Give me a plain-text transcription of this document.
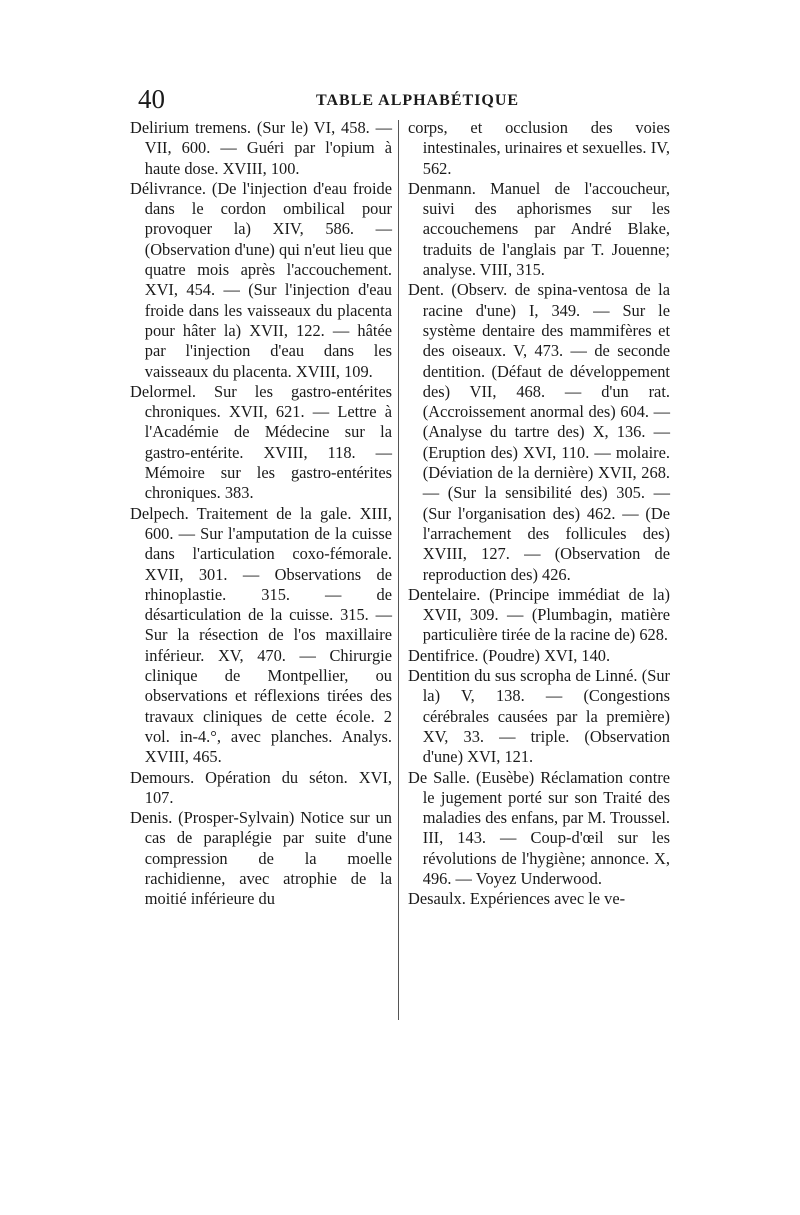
40	TABLE ALPHABÉTIQUE

Delirium tremens. (Sur le) VI, 458. — VII, 600. — Guéri par l'opium à haute dose. XVIII, 100.

Délivrance. (De l'injection d'eau froide dans le cordon ombilical pour provoquer la) XIV, 586. — (Observation d'une) qui n'eut lieu que quatre mois après l'accouchement. XVI, 454. — (Sur l'injection d'eau froide dans les vaisseaux du placenta pour hâter la) XVII, 122. — hâtée par l'injection d'eau dans les vaisseaux du placenta. XVIII, 109.

Delormel. Sur les gastro-entérites chroniques. XVII, 621. — Lettre à l'Académie de Médecine sur la gastro-entérite. XVIII, 118. — Mémoire sur les gastro-entérites chroniques. 383.

Delpech. Traitement de la gale. XIII, 600. — Sur l'amputation de la cuisse dans l'articulation coxo-fémorale. XVII, 301. — Observations de rhinoplastie. 315. — de désarticulation de la cuisse. 315. — Sur la résection de l'os maxillaire inférieur. XV, 470. — Chirurgie clinique de Montpellier, ou observations et réflexions tirées des travaux cliniques de cette école. 2 vol. in-4.°, avec planches. Analys. XVIII, 465.

Demours. Opération du séton. XVI, 107.

Denis. (Prosper-Sylvain) Notice sur un cas de paraplégie par suite d'une compression de la moelle rachidienne, avec atrophie de la moitié inférieure du

corps, et occlusion des voies intestinales, urinaires et sexuelles. IV, 562.

Denmann. Manuel de l'accoucheur, suivi des aphorismes sur les accouchemens par André Blake, traduits de l'anglais par T. Jouenne; analyse. VIII, 315.

Dent. (Observ. de spina-ventosa de la racine d'une) I, 349. — Sur le système dentaire des mammifères et des oiseaux. V, 473. — de seconde dentition. (Défaut de développement des) VII, 468. — d'un rat. (Accroissement anormal des) 604. — (Analyse du tartre des) X, 136. — (Eruption des) XVI, 110. — molaire. (Déviation de la dernière) XVII, 268. — (Sur la sensibilité des) 305. — (Sur l'organisation des) 462. — (De l'arrachement des follicules des) XVIII, 127. — (Observation de reproduction des) 426.

Dentelaire. (Principe immédiat de la) XVII, 309. — (Plumbagin, matière particulière tirée de la racine de) 628.

Dentifrice. (Poudre) XVI, 140.

Dentition du sus scropha de Linné. (Sur la) V, 138. — (Congestions cérébrales causées par la première) XV, 33. — triple. (Observation d'une) XVI, 121.

De Salle. (Eusèbe) Réclamation contre le jugement porté sur son Traité des maladies des enfans, par M. Troussel. III, 143. — Coup-d'œil sur les révolutions de l'hygiène; annonce. X, 496. — Voyez Underwood.

Desaulx. Expériences avec le ve-
